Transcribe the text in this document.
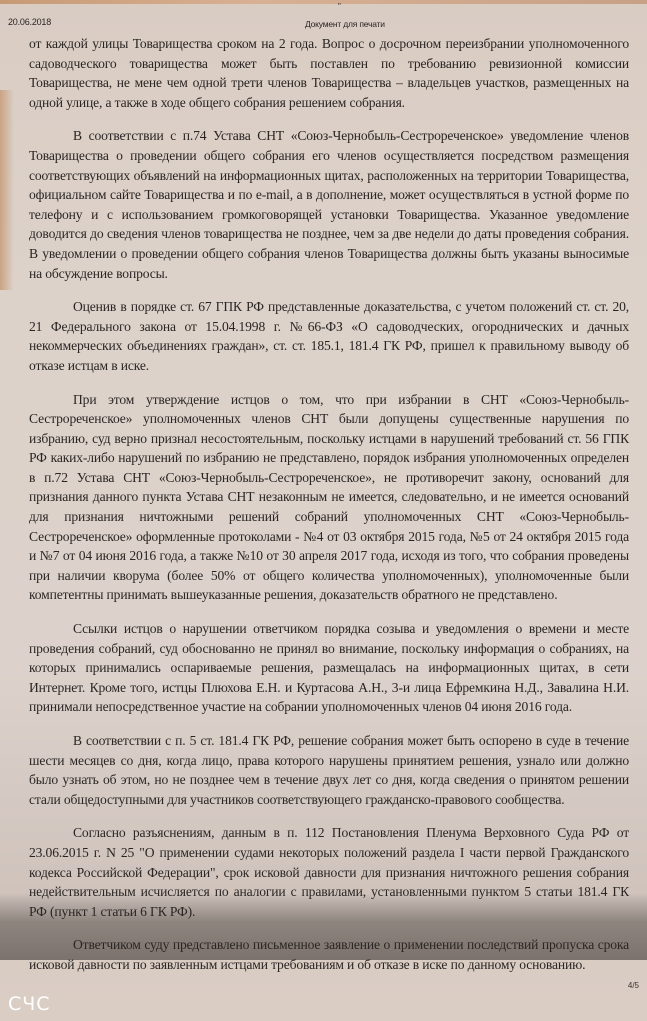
"
20.06.2018	Документ для печати

от каждой улицы Товарищества сроком на 2 года. Вопрос о досрочном переизбрании уполномоченного садоводческого товарищества может быть поставлен по требованию ревизионной комиссии Товарищества, не мене чем одной трети членов Товарищества – владельцев участков, размещенных на одной улице, а также в ходе общего собрания решением собрания.

В соответствии с п.74 Устава СНТ «Союз-Чернобыль-Сестрореченское» уведомление членов Товарищества о проведении общего собрания его членов осуществляется посредством размещения соответствующих объявлений на информационных щитах, расположенных на территории Товарищества, официальном сайте Товарищества и по e-mail, а в дополнение, может осуществляться в устной форме по телефону и с использованием громкоговорящей установки Товарищества. Указанное уведомление доводится до сведения членов товарищества не позднее, чем за две недели до даты проведения собрания. В уведомлении о проведении общего собрания членов Товарищества должны быть указаны выносимые на обсуждение вопросы.

Оценив в порядке ст. 67 ГПК РФ представленные доказательства, с учетом положений ст. ст. 20, 21 Федерального закона от 15.04.1998 г. №66-ФЗ «О садоводческих, огороднических и дачных некоммерческих объединениях граждан», ст. ст. 185.1, 181.4 ГК РФ, пришел к правильному выводу об отказе истцам в иске.

При этом утверждение истцов о том, что при избрании в СНТ «Союз-Чернобыль-Сестрореченское» уполномоченных членов СНТ были допущены существенные нарушения по избранию, суд верно признал несостоятельным, поскольку истцами в нарушений требований ст. 56 ГПК РФ каких-либо нарушений по избранию не представлено, порядок избрания уполномоченных определен в п.72 Устава СНТ «Союз-Чернобыль-Сестрореченское», не противоречит закону, оснований для признания данного пункта Устава СНТ незаконным не имеется, следовательно, и не имеется оснований для признания ничтожными решений собраний уполномоченных СНТ «Союз-Чернобыль-Сестрореченское» оформленные протоколами - №4 от 03 октября 2015 года, №5 от 24 октября 2015 года и №7 от 04 июня 2016 года, а также №10 от 30 апреля 2017 года, исходя из того, что собрания проведены при наличии кворума (более 50% от общего количества уполномоченных), уполномоченные были компетентны принимать вышеуказанные решения, доказательств обратного не представлено.

Ссылки истцов о нарушении ответчиком порядка созыва и уведомления о времени и месте проведения собраний, суд обоснованно не принял во внимание, поскольку информация о собраниях, на которых принимались оспариваемые решения, размещалась на информационных щитах, в сети Интернет. Кроме того, истцы Плюхова Е.Н. и Куртасова А.Н., 3-и лица Ефремкина Н.Д., Завалина Н.И. принимали непосредственное участие на собрании уполномоченных членов 04 июня 2016 года.

В соответствии с п. 5 ст. 181.4 ГК РФ, решение собрания может быть оспорено в суде в течение шести месяцев со дня, когда лицо, права которого нарушены принятием решения, узнало или должно было узнать об этом, но не позднее чем в течение двух лет со дня, когда сведения о принятом решении стали общедоступными для участников соответствующего гражданско-правового сообщества.

Согласно разъяснениям, данным в п. 112 Постановления Пленума Верховного Суда РФ от 23.06.2015 г. N 25 "О применении судами некоторых положений раздела I части первой Гражданского кодекса Российской Федерации", срок исковой давности для признания ничтожного решения собрания недействительным исчисляется по аналогии с правилами, установленными пунктом 5 статьи 181.4 ГК РФ (пункт 1 статьи 6 ГК РФ).

Ответчиком суду представлено письменное заявление о применении последствий пропуска срока исковой давности по заявленным истцами требованиям и об отказе в иске по данному основанию.

4/5
СЧС
